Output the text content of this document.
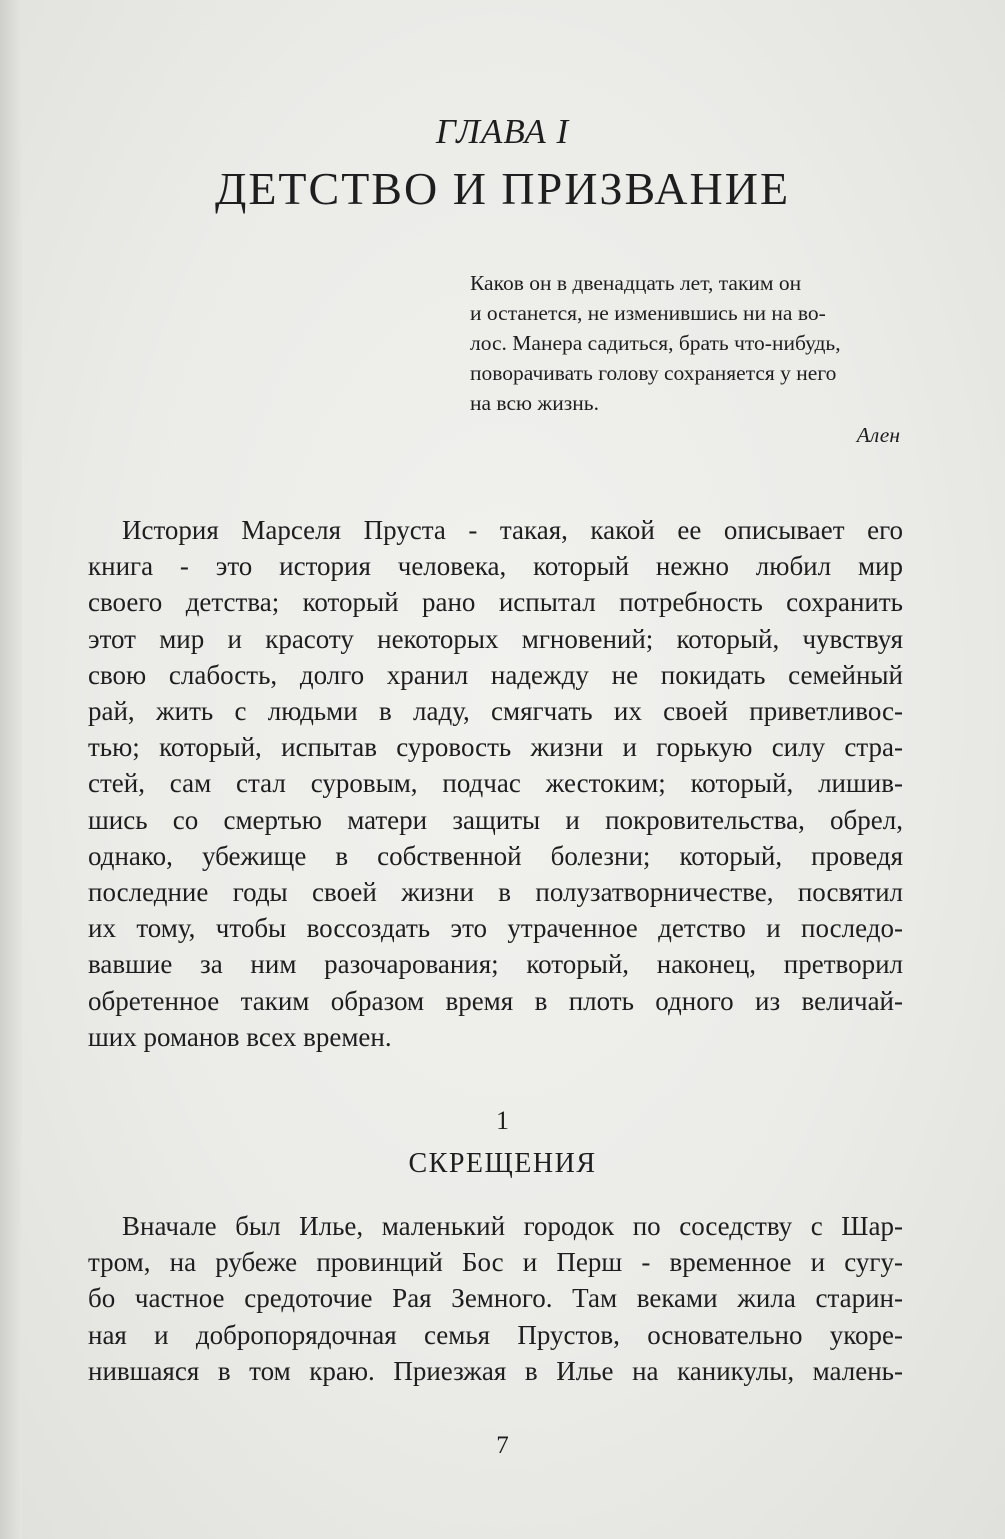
ГЛАВА I
ДЕТСТВО И ПРИЗВАНИЕ
Каков он в двенадцать лет, таким он
и останется, не изменившись ни на во-
лос. Манера садиться, брать что-нибудь,
поворачивать голову сохраняется у него
на всю жизнь.
Ален
История Марселя Пруста - такая, какой ее описывает его
книга - это история человека, который нежно любил мир
своего детства; который рано испытал потребность сохранить
этот мир и красоту некоторых мгновений; который, чувствуя
свою слабость, долго хранил надежду не покидать семейный
рай, жить с людьми в ладу, смягчать их своей приветливос-
тью; который, испытав суровость жизни и горькую силу стра-
стей, сам стал суровым, подчас жестоким; который, лишив-
шись со смертью матери защиты и покровительства, обрел,
однако, убежище в собственной болезни; который, проведя
последние годы своей жизни в полузатворничестве, посвятил
их тому, чтобы воссоздать это утраченное детство и последо-
вавшие за ним разочарования; который, наконец, претворил
обретенное таким образом время в плоть одного из величай-
ших романов всех времен.
1
СКРЕЩЕНИЯ
Вначале был Илье, маленький городок по соседству с Шар-
тром, на рубеже провинций Бос и Перш - временное и сугу-
бо частное средоточие Рая Земного. Там веками жила старин-
ная и добропорядочная семья Прустов, основательно укоре-
нившаяся в том краю. Приезжая в Илье на каникулы, малень-
7
